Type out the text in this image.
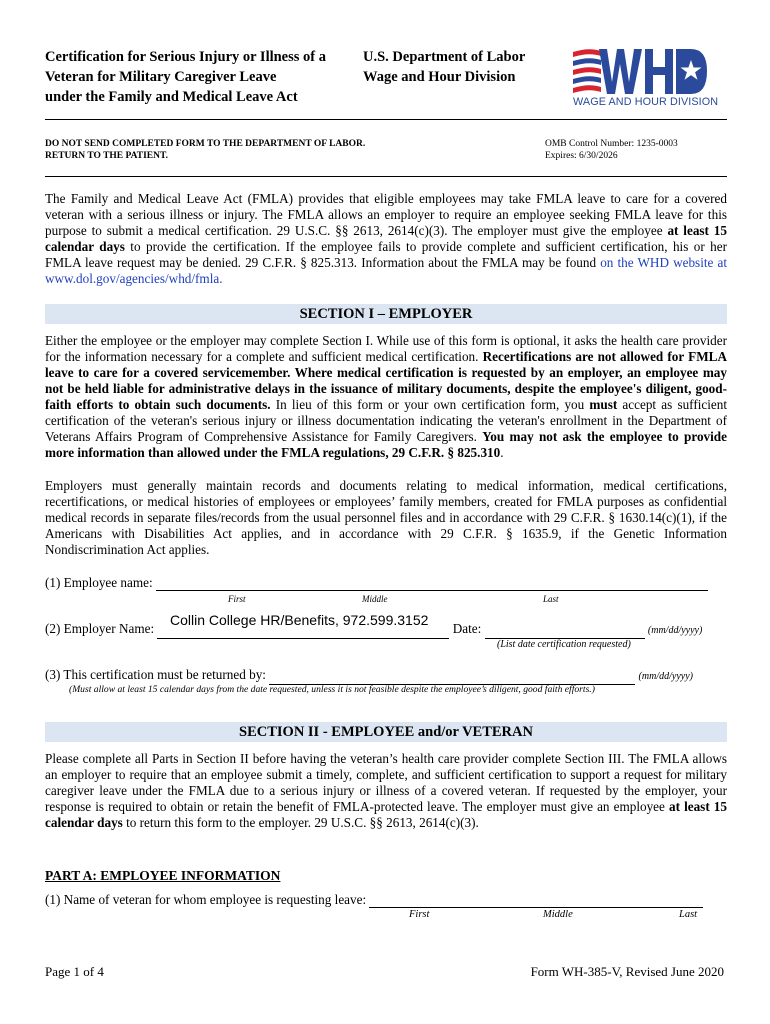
Certification for Serious Injury or Illness of a
Veteran for Military Caregiver Leave
under the Family and Medical Leave Act
U.S. Department of Labor
Wage and Hour Division
WAGE AND HOUR DIVISION
DO NOT SEND COMPLETED FORM TO THE DEPARTMENT OF LABOR.
RETURN TO THE PATIENT.
OMB Control Number: 1235-0003
Expires: 6/30/2026
The Family and Medical Leave Act (FMLA) provides that eligible employees may take FMLA leave to care for a covered veteran with a serious illness or injury. The FMLA allows an employer to require an employee seeking FMLA leave for this purpose to submit a medical certification. 29 U.S.C. §§ 2613, 2614(c)(3). The employer must give the employee at least 15 calendar days to provide the certification. If the employee fails to provide complete and sufficient certification, his or her FMLA leave request may be denied. 29 C.F.R. § 825.313. Information about the FMLA may be found on the WHD website at www.dol.gov/agencies/whd/fmla.
SECTION I – EMPLOYER
Either the employee or the employer may complete Section I. While use of this form is optional, it asks the health care provider for the information necessary for a complete and sufficient medical certification. Recertifications are not allowed for FMLA leave to care for a covered servicemember. Where medical certification is requested by an employer, an employee may not be held liable for administrative delays in the issuance of military documents, despite the employee's diligent, good-faith efforts to obtain such documents. In lieu of this form or your own certification form, you must accept as sufficient certification of the veteran's serious injury or illness documentation indicating the veteran's enrollment in the Department of Veterans Affairs Program of Comprehensive Assistance for Family Caregivers. You may not ask the employee to provide more information than allowed under the FMLA regulations, 29 C.F.R. § 825.310.
Employers must generally maintain records and documents relating to medical information, medical certifications, recertifications, or medical histories of employees or employees’ family members, created for FMLA purposes as confidential medical records in separate files/records from the usual personnel files and in accordance with 29 C.F.R. § 1630.14(c)(1), if the Americans with Disabilities Act applies, and in accordance with 29 C.F.R. § 1635.9, if the Genetic Information Nondiscrimination Act applies.
(1) Employee name:
First	Middle	Last
Collin College HR/Benefits, 972.599.3152
(2) Employer Name:	Date:	(mm/dd/yyyy)
(List date certification requested)
(3) This certification must be returned by:	(mm/dd/yyyy)
(Must allow at least 15 calendar days from the date requested, unless it is not feasible despite the employee’s diligent, good faith efforts.)
SECTION II - EMPLOYEE and/or VETERAN
Please complete all Parts in Section II before having the veteran’s health care provider complete Section III. The FMLA allows an employer to require that an employee submit a timely, complete, and sufficient certification to support a request for military caregiver leave under the FMLA due to a serious injury or illness of a covered veteran. If requested by the employer, your response is required to obtain or retain the benefit of FMLA-protected leave. The employer must give an employee at least 15 calendar days to return this form to the employer. 29 U.S.C. §§ 2613, 2614(c)(3).
PART A: EMPLOYEE INFORMATION
(1) Name of veteran for whom employee is requesting leave:
First	Middle	Last
Page 1 of 4	Form WH-385-V, Revised June 2020
